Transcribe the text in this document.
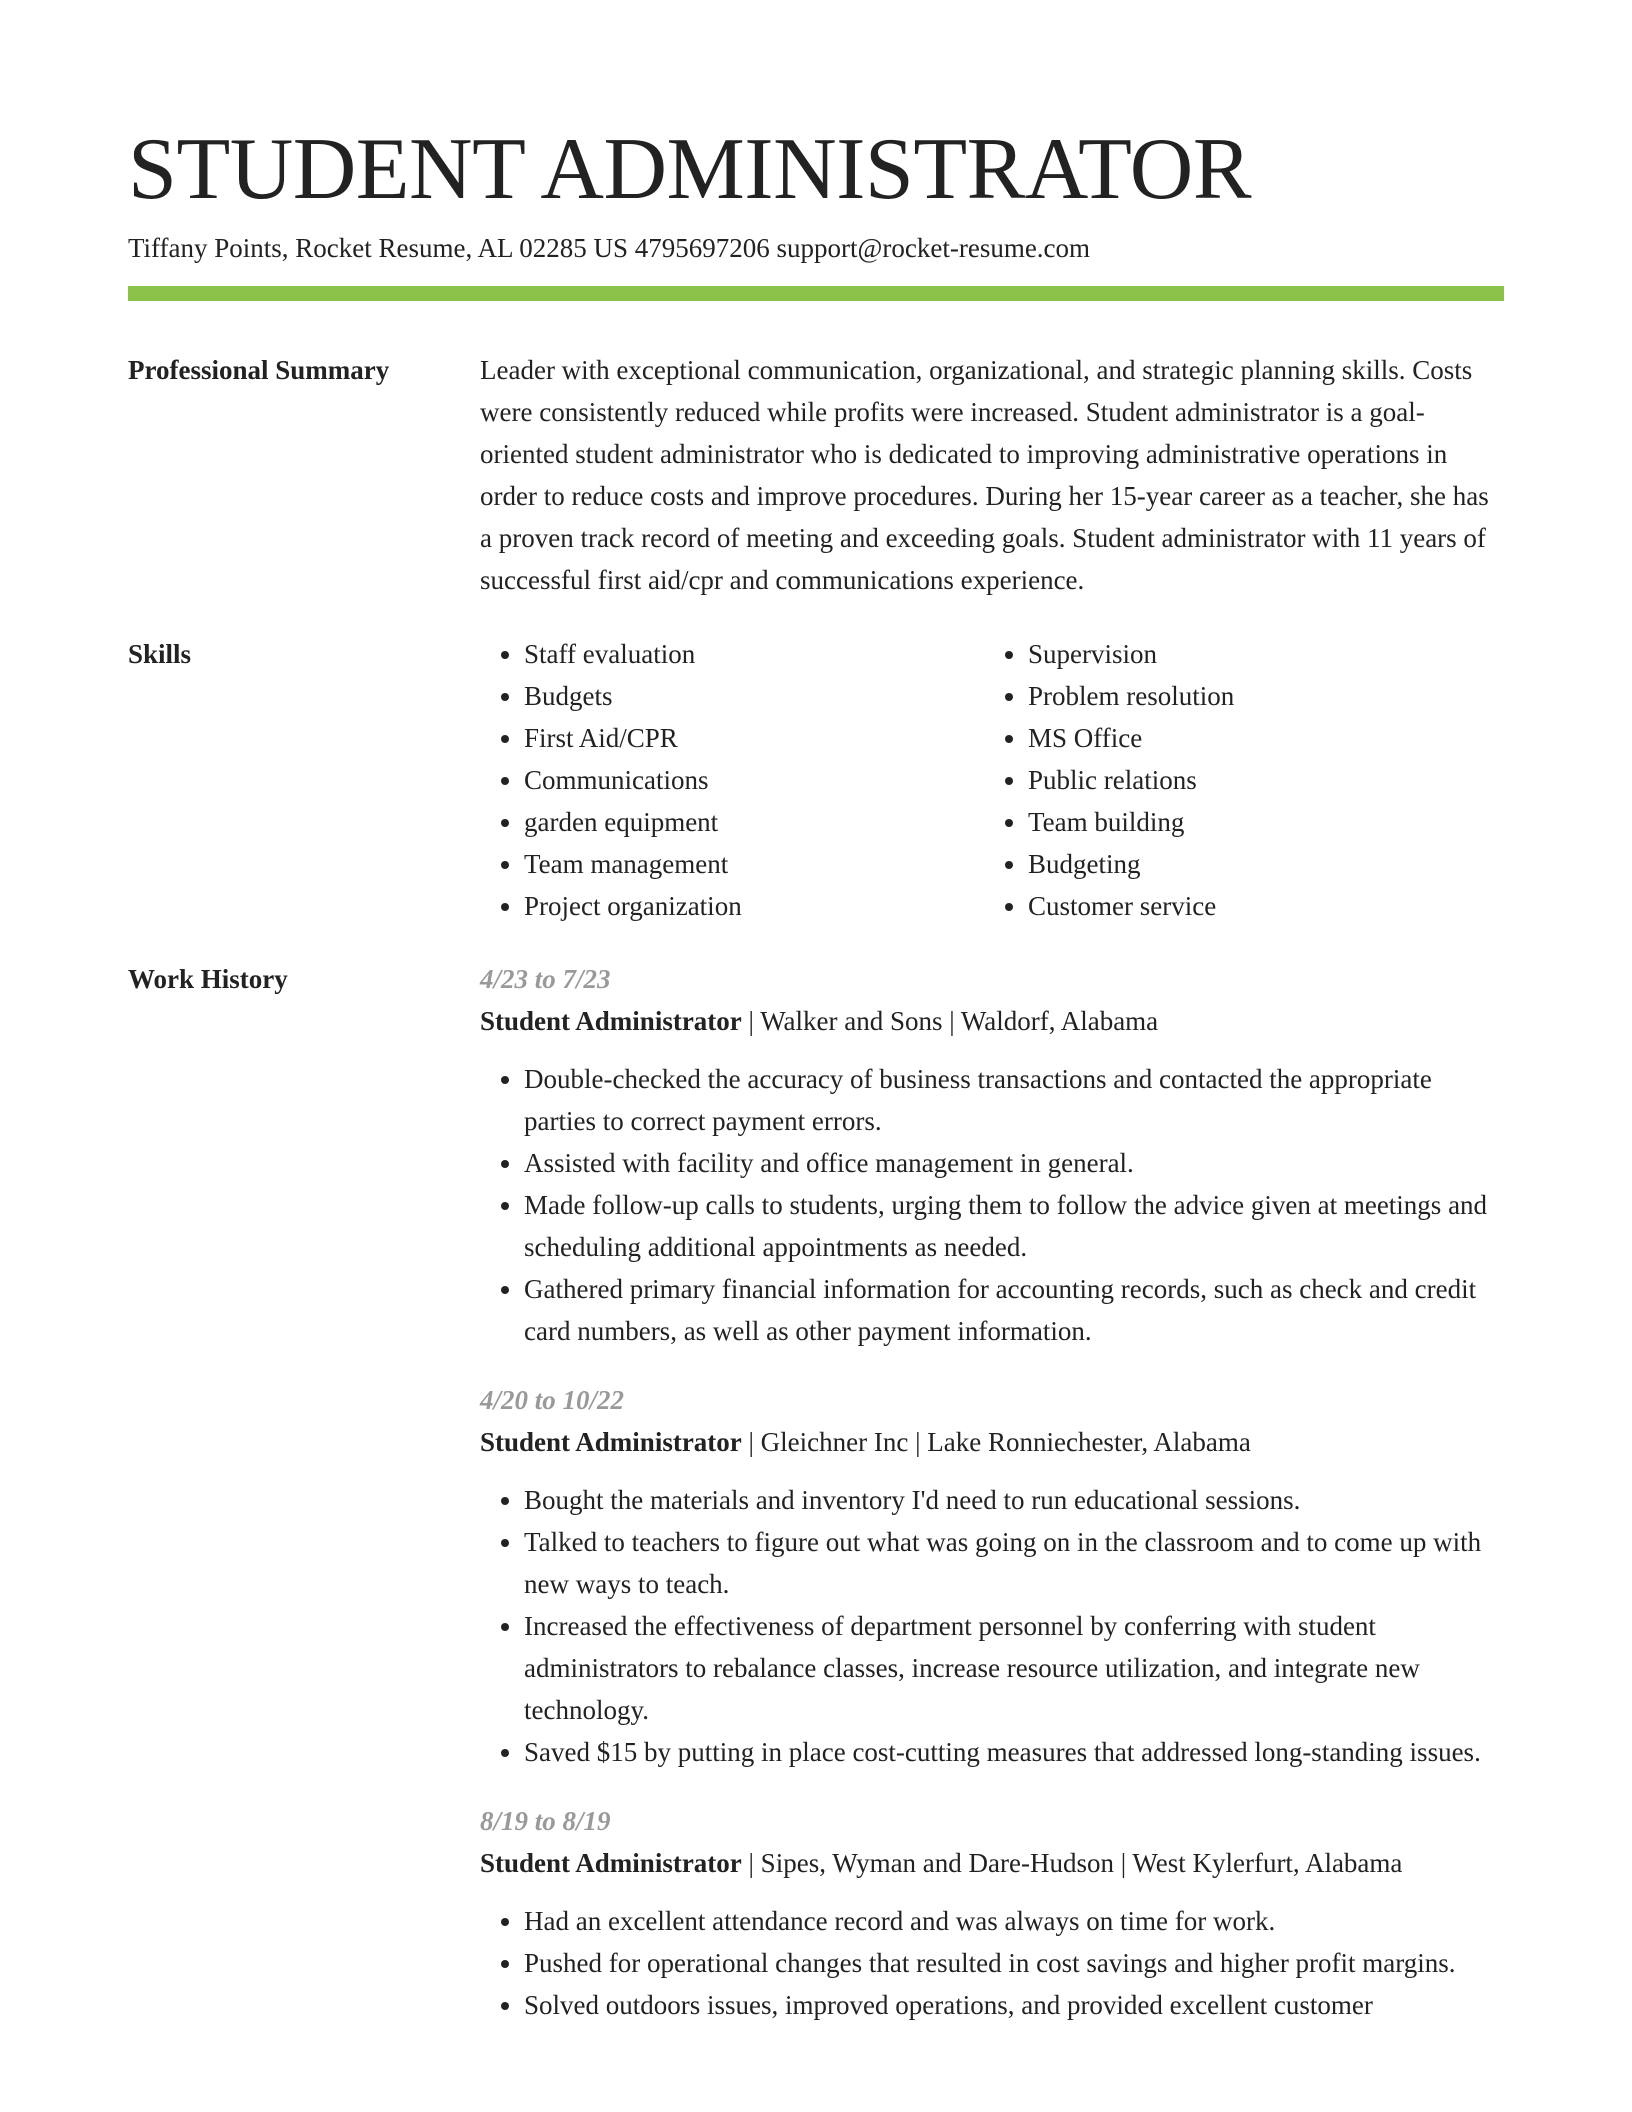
STUDENT ADMINISTRATOR
Tiffany Points, Rocket Resume, AL 02285 US 4795697206 support@rocket-resume.com
Professional Summary	Leader with exceptional communication, organizational, and strategic planning skills. Costs were consistently reduced while profits were increased. Student administrator is a goal-oriented student administrator who is dedicated to improving administrative operations in order to reduce costs and improve procedures. During her 15-year career as a teacher, she has a proven track record of meeting and exceeding goals. Student administrator with 11 years of successful first aid/cpr and communications experience.

Skills
•	Staff evaluation
• Budgets
• First Aid/CPR
• Communications
• garden equipment
• Team management
• Project organization
• Supervision
• Problem resolution
• MS Office
• Public relations
• Team building
• Budgeting
• Customer service
Work History	4/23 to 7/23
Student Administrator | Walker and Sons | Waldorf, Alabama
• Double-checked the accuracy of business transactions and contacted the appropriate parties to correct payment errors.
• Assisted with facility and office management in general.
• Made follow-up calls to students, urging them to follow the advice given at meetings and scheduling additional appointments as needed.
• Gathered primary financial information for accounting records, such as check and credit card numbers, as well as other payment information.
4/20 to 10/22
Student Administrator | Gleichner Inc | Lake Ronniechester, Alabama
• Bought the materials and inventory I'd need to run educational sessions.
• Talked to teachers to figure out what was going on in the classroom and to come up with new ways to teach.
• Increased the effectiveness of department personnel by conferring with student administrators to rebalance classes, increase resource utilization, and integrate new technology.
• Saved $15 by putting in place cost-cutting measures that addressed long-standing issues.
8/19 to 8/19
Student Administrator | Sipes, Wyman and Dare-Hudson | West Kylerfurt, Alabama
• Had an excellent attendance record and was always on time for work.
• Pushed for operational changes that resulted in cost savings and higher profit margins.
• Solved outdoors issues, improved operations, and provided excellent customer
